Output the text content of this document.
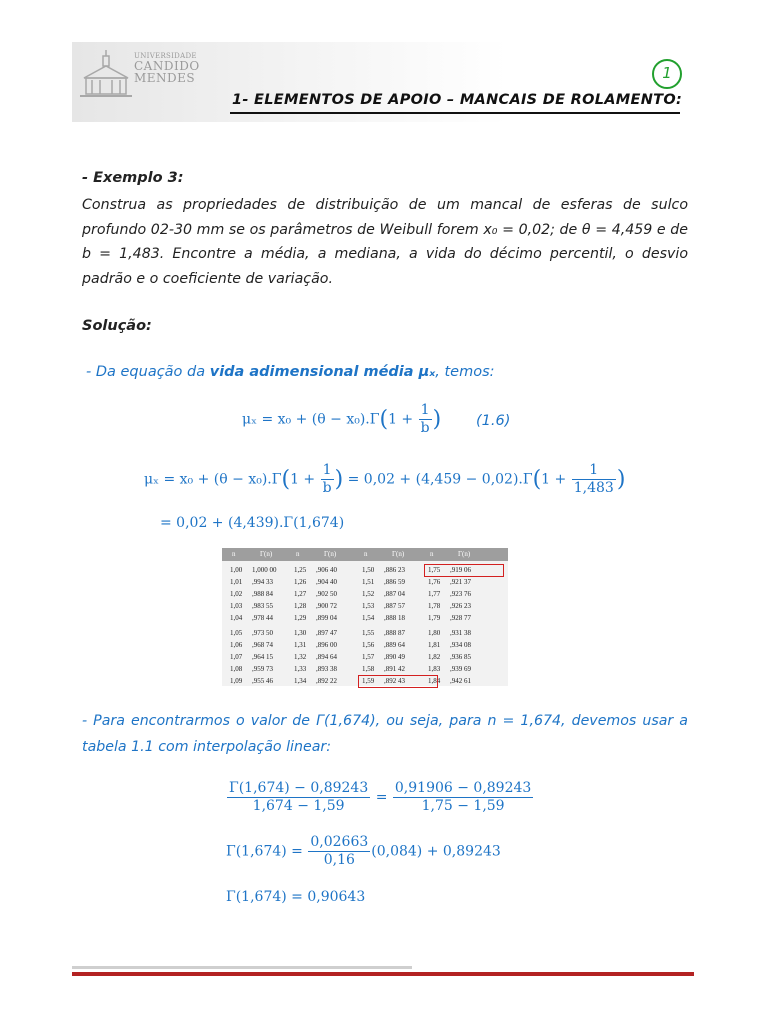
UNIVERSIDADE
CANDIDO
MENDES	1
1- ELEMENTOS DE APOIO – MANCAIS DE ROLAMENTO:
- Exemplo 3:
Construa as propriedades de distribuição de um mancal de esferas de sulco profundo 02-30 mm se os parâmetros de Weibull forem x₀ = 0,02; de θ = 4,459 e de b = 1,483. Encontre a média, a mediana, a vida do décimo percentil, o desvio padrão e o coeficiente de variação.
Solução:
- Da equação da vida adimensional média μₓ, temos:
$\mu_x = x_0 + (\theta - x_0).\Gamma(1 + \frac{1}{b}$ ) (1.6)
$\mu_x = x_0 + (\theta - x_0).\Gamma(1 + \frac{1}{b}$ ) = $0,02 + (4,459 - 0,02).\Gamma(1 + \frac{1}{1,483}$ )
= 0,02 + (4,439).Γ(1,674)
n	Γ(n)	n	Γ(n)	n	Γ(n)	n	Γ(n)
1,00 1,000 00	1,25 ,906 40	1,50 ,886 23	1,75 ,919 06
1,01 ,994 33	1,26 ,904 40	1,51 ,886 59	1,76 ,921 37
1,02 ,988 84	1,27 ,902 50	1,52 ,887 04	1,77 ,923 76
1,03 ,983 55	1,28 ,900 72	1,53 ,887 57	1,78 ,926 23
1,04 ,978 44	1,29 ,899 04	1,54 ,888 18	1,79 ,928 77
1,05 ,973 50	1,30 ,897 47	1,55 ,888 87	1,80 ,931 38
1,06 ,968 74	1,31 ,896 00	1,56 ,889 64	1,81 ,934 08
1,07 ,964 15	1,32 ,894 64	1,57 ,890 49	1,82 ,936 85
1,08 ,959 73	1,33 ,893 38	1,58 ,891 42	1,83 ,939 69
1,09 ,955 46	1,34 ,892 22	1,59 ,892 43	1,84 ,942 61
- Para encontrarmos o valor de Γ(1,674), ou seja, para n = 1,674, devemos usar a tabela 1.1 com interpolação linear:
$\frac{\Gamma(1,674) - 0,89243}{1,674 - 1,59} = \frac{0,91906 - 0,89243}{1,75 - 1,59}$
$\Gamma(1,674) = \frac{0,02663}{0,16} (0,084) + 0,89243$
Γ(1,674) = 0,90643
